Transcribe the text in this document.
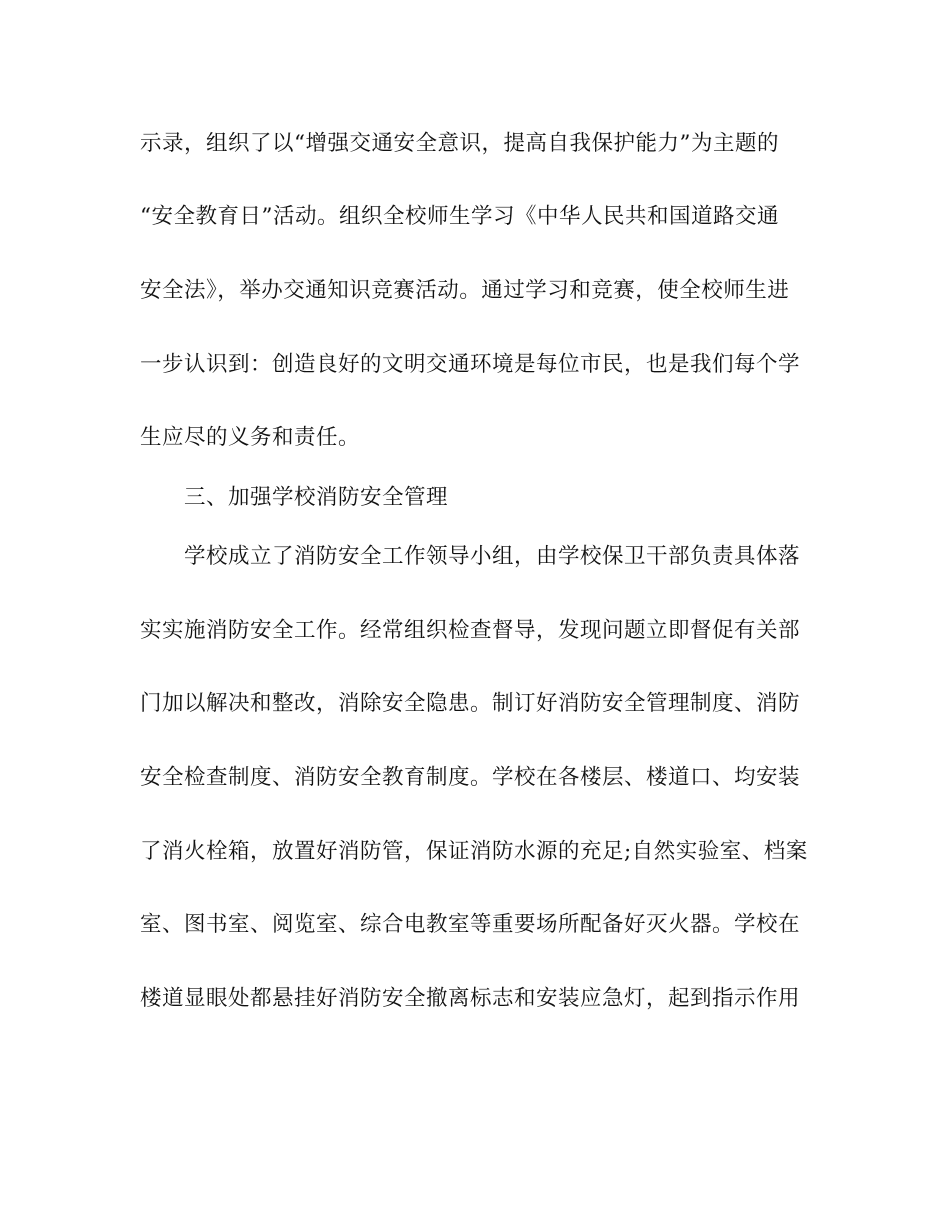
示录，组织了以“增强交通安全意识，提高自我保护能力”为主题的
“安全教育日”活动。组织全校师生学习《中华人民共和国道路交通
安全法》，举办交通知识竞赛活动。通过学习和竞赛，使全校师生进
一步认识到：创造良好的文明交通环境是每位市民，也是我们每个学
生应尽的义务和责任。
三、加强学校消防安全管理
学校成立了消防安全工作领导小组，由学校保卫干部负责具体落
实实施消防安全工作。经常组织检查督导，发现问题立即督促有关部
门加以解决和整改，消除安全隐患。制订好消防安全管理制度、消防
安全检查制度、消防安全教育制度。学校在各楼层、楼道口、均安装
了消火栓箱，放置好消防管，保证消防水源的充足;自然实验室、档案
室、图书室、阅览室、综合电教室等重要场所配备好灭火器。学校在
楼道显眼处都悬挂好消防安全撤离标志和安装应急灯，起到指示作用
